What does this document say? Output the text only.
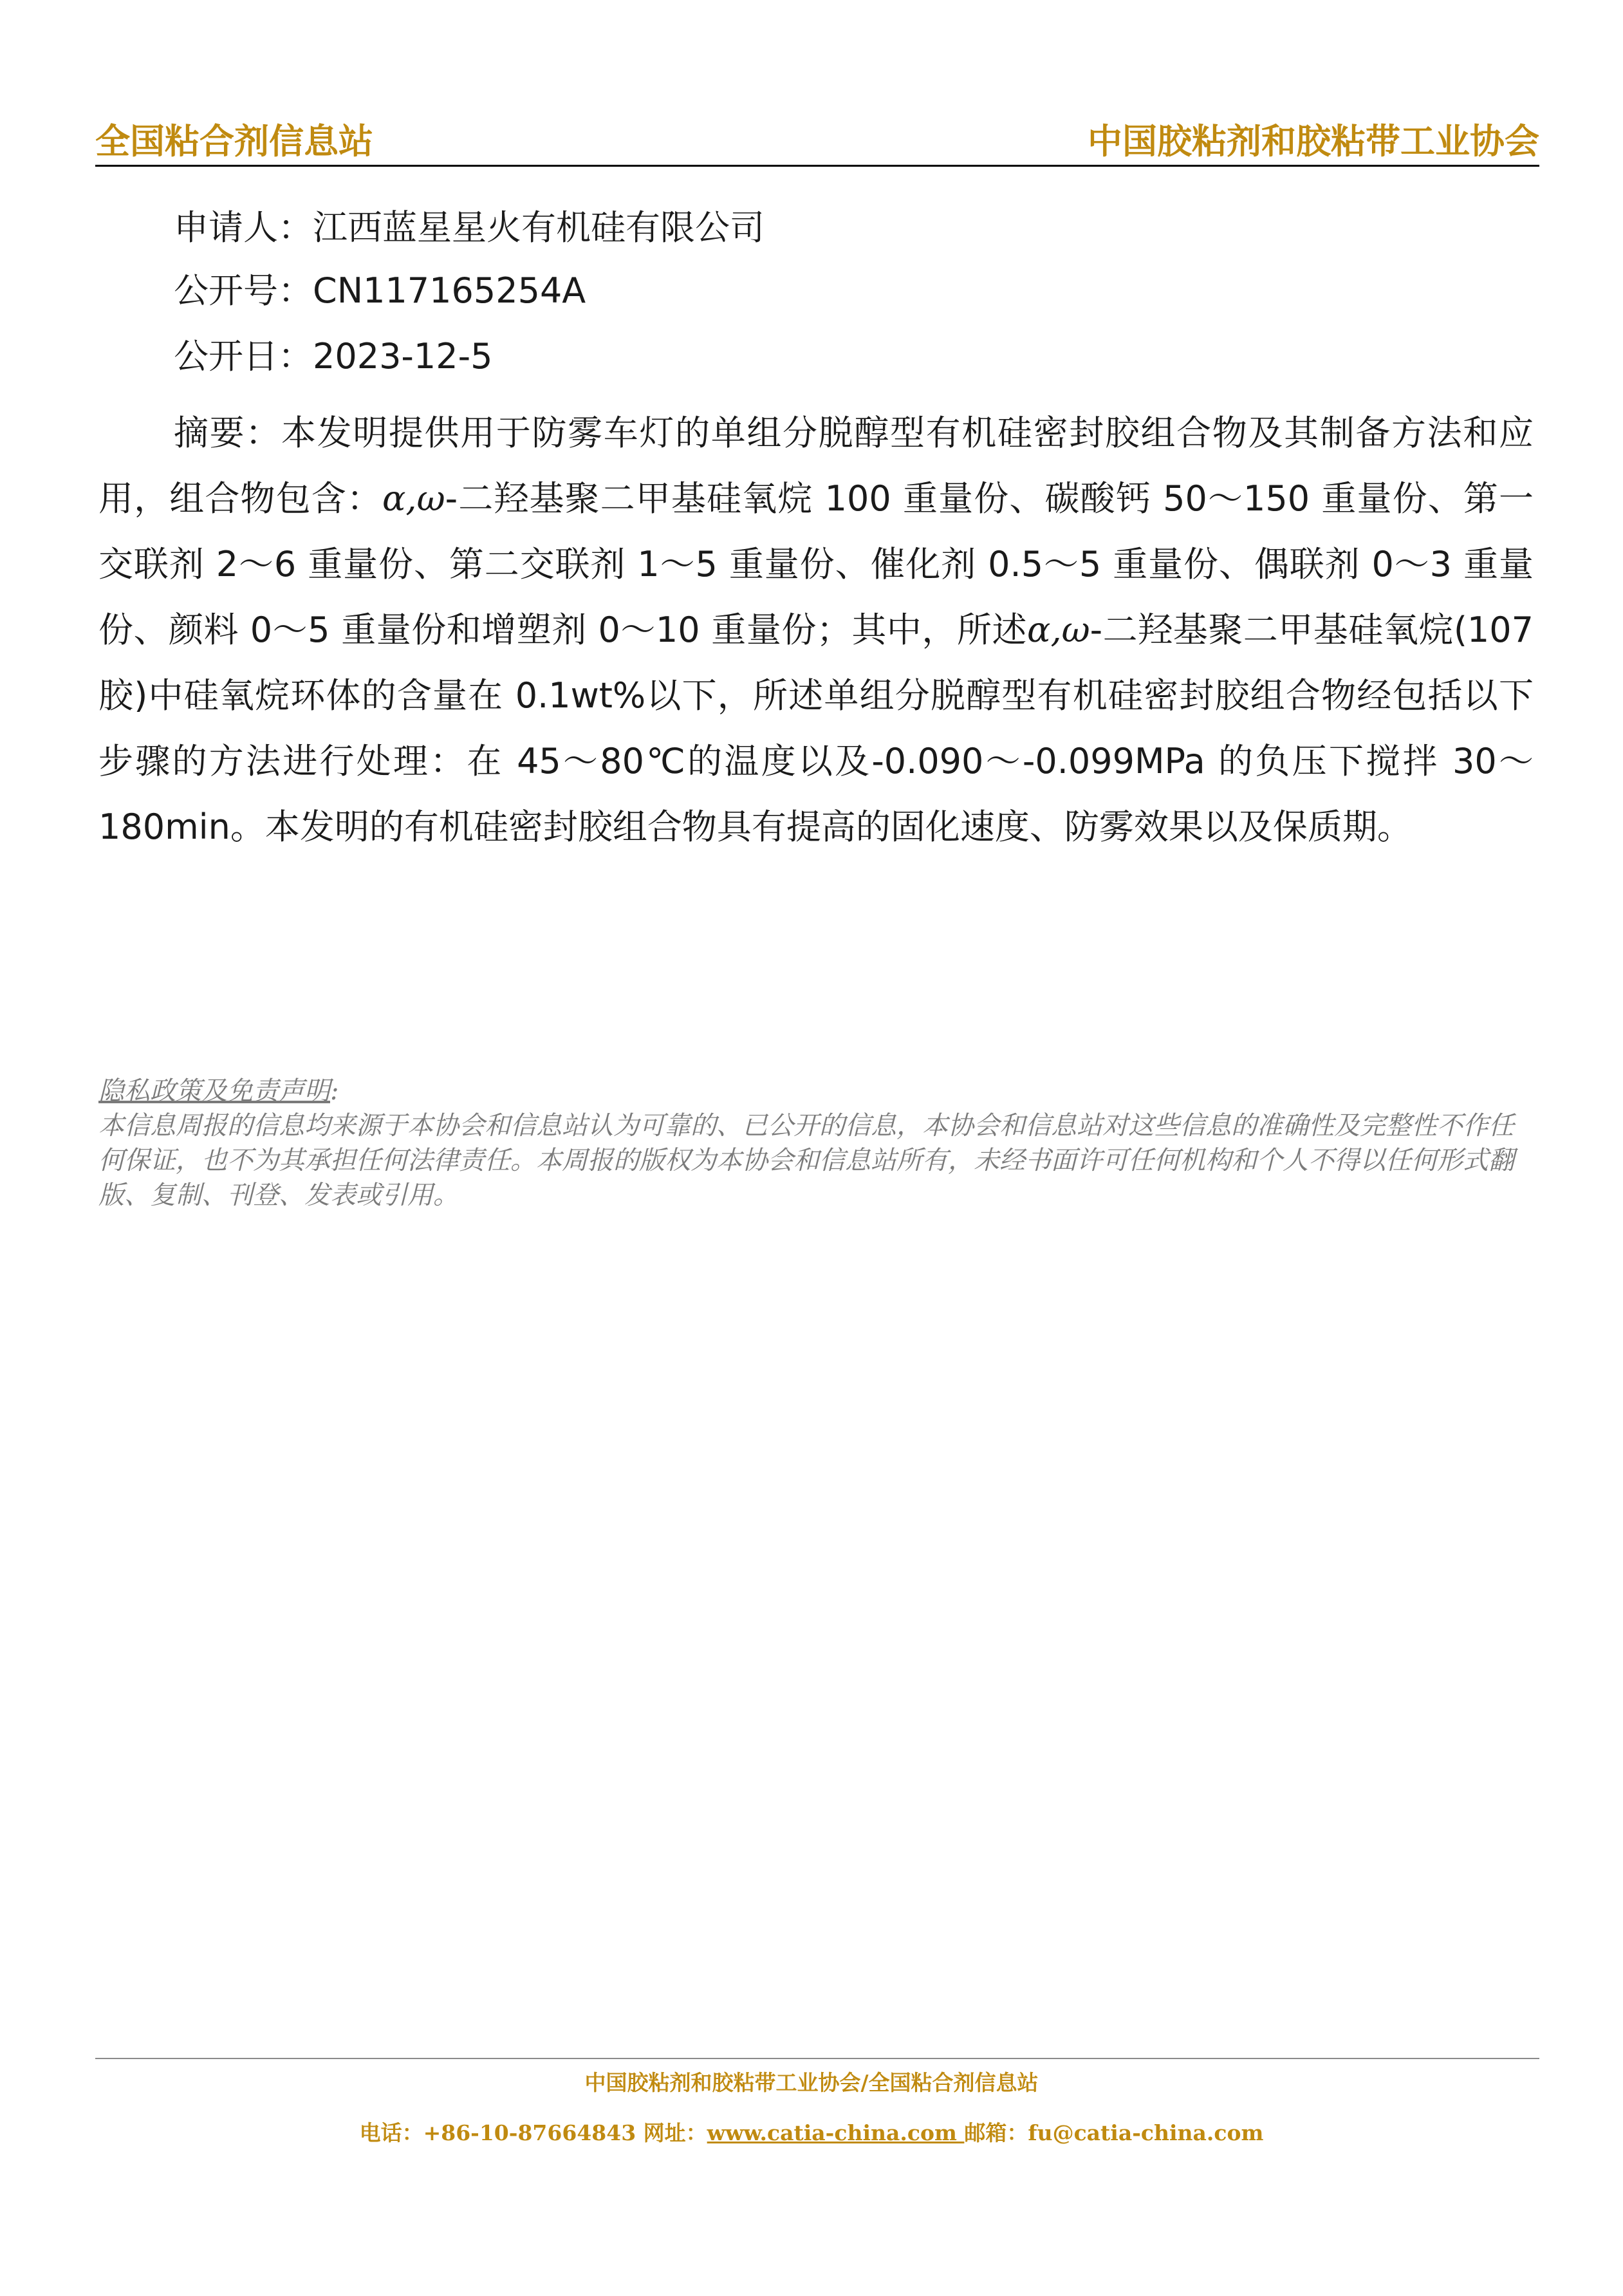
全国粘合剂信息站	中国胶粘剂和胶粘带工业协会
申请人：江西蓝星星火有机硅有限公司
公开号：CN117165254A
公开日：2023-12-5

摘要：本发明提供用于防雾车灯的单组分脱醇型有机硅密封胶组合物及其制备方法和应用，组合物包含：α,ω-二羟基聚二甲基硅氧烷 100 重量份、碳酸钙 50～150 重量份、第一交联剂 2～6 重量份、第二交联剂 1～5 重量份、催化剂 0.5～5 重量份、偶联剂 0～3 重量份、颜料 0～5 重量份和增塑剂 0～10 重量份；其中，所述α,ω-二羟基聚二甲基硅氧烷(107 胶)中硅氧烷环体的含量在 0.1wt%以下，所述单组分脱醇型有机硅密封胶组合物经包括以下步骤的方法进行处理：在 45～80℃的温度以及-0.090～-0.099MPa 的负压下搅拌 30～180min。本发明的有机硅密封胶组合物具有提高的固化速度、防雾效果以及保质期。

隐私政策及免责声明:
本信息周报的信息均来源于本协会和信息站认为可靠的、已公开的信息，本协会和信息站对这些信息的准确性及完整性不作任何保证，也不为其承担任何法律责任。本周报的版权为本协会和信息站所有，未经书面许可任何机构和个人不得以任何形式翻版、复制、刊登、发表或引用。
中国胶粘剂和胶粘带工业协会/全国粘合剂信息站
电话：+86-10-87664843 网址：www.catia-china.com 邮箱：fu@catia-china.com
